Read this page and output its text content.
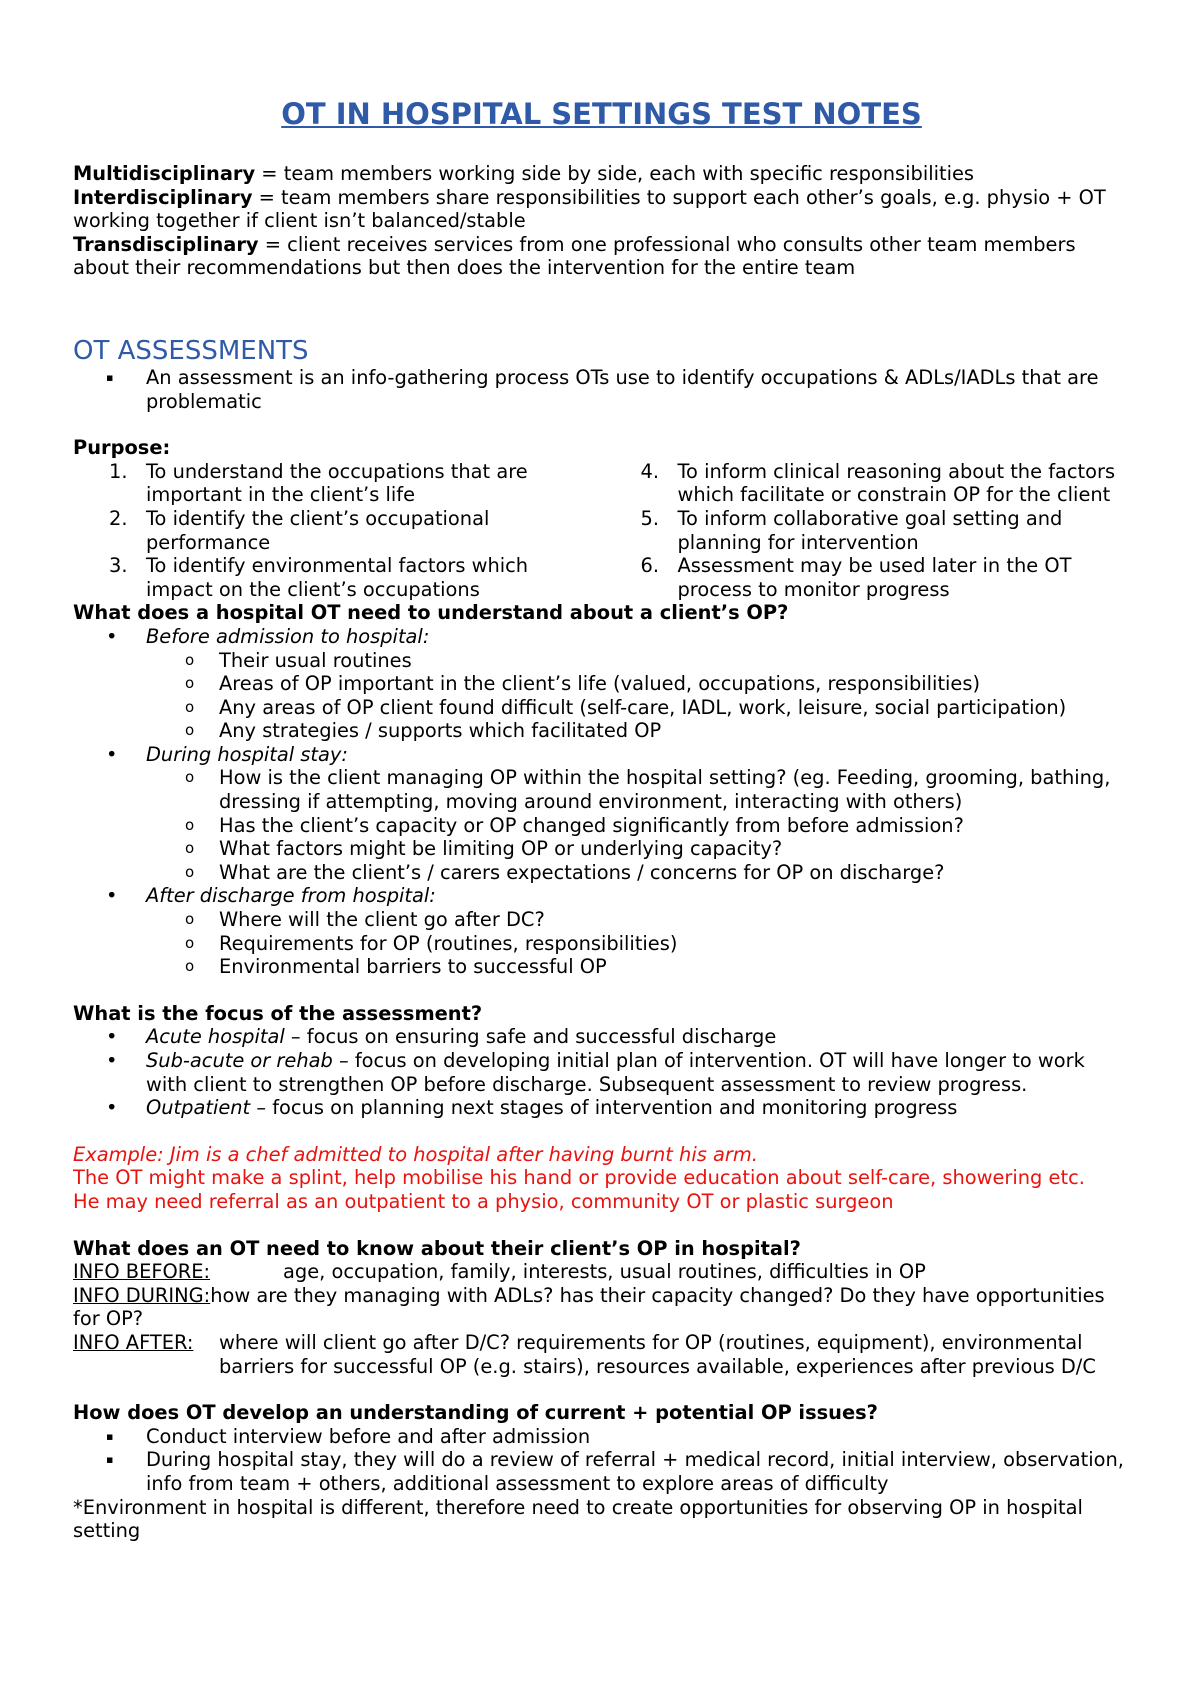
OT IN HOSPITAL SETTINGS TEST NOTES

Multidisciplinary = team members working side by side, each with specific responsibilities

Interdisciplinary = team members share responsibilities to support each other’s goals, e.g. physio + OT working together if client isn’t balanced/stable

Transdisciplinary = client receives services from one professional who consults other team members about their recommendations but then does the intervention for the entire team

OT ASSESSMENTS

▪	An assessment is an info-gathering process OTs use to identify occupations & ADLs/IADLs that are problematic

Purpose:

1. To understand the occupations that are important in the client’s life
2. To identify the client’s occupational performance
3. To identify environmental factors which impact on the client’s occupations
4. To inform clinical reasoning about the factors which facilitate or constrain OP for the client
5. To inform collaborative goal setting and planning for intervention
6. Assessment may be used later in the OT process to monitor progress

What does a hospital OT need to understand about a client’s OP?

•	Before admission to hospital:
o Their usual routines
o Areas of OP important in the client’s life (valued, occupations, responsibilities)
o Any areas of OP client found difficult (self-care, IADL, work, leisure, social participation)
o Any strategies / supports which facilitated OP
•	During hospital stay:
o How is the client managing OP within the hospital setting? (eg. Feeding, grooming, bathing, dressing if attempting, moving around environment, interacting with others)
o Has the client’s capacity or OP changed significantly from before admission?
o What factors might be limiting OP or underlying capacity?
o What are the client’s / carers expectations / concerns for OP on discharge?
•	After discharge from hospital:
o Where will the client go after DC?
o Requirements for OP (routines, responsibilities)
o Environmental barriers to successful OP

What is the focus of the assessment?

•	Acute hospital – focus on ensuring safe and successful discharge
•	Sub-acute or rehab – focus on developing initial plan of intervention. OT will have longer to work with client to strengthen OP before discharge. Subsequent assessment to review progress.
•	Outpatient – focus on planning next stages of intervention and monitoring progress

Example: Jim is a chef admitted to hospital after having burnt his arm.

The OT might make a splint, help mobilise his hand or provide education about self-care, showering etc.

He may need referral as an outpatient to a physio, community OT or plastic surgeon

What does an OT need to know about their client’s OP in hospital?

INFO BEFORE:	age, occupation, family, interests, usual routines, difficulties in OP

INFO DURING:how are they managing with ADLs? has their capacity changed? Do they have opportunities for OP?

INFO AFTER: where will client go after D/C? requirements for OP (routines, equipment), environmental barriers for successful OP (e.g. stairs), resources available, experiences after previous D/C

How does OT develop an understanding of current + potential OP issues?

▪	Conduct interview before and after admission
▪	During hospital stay, they will do a review of referral + medical record, initial interview, observation, info from team + others, additional assessment to explore areas of difficulty

*Environment in hospital is different, therefore need to create opportunities for observing OP in hospital setting
